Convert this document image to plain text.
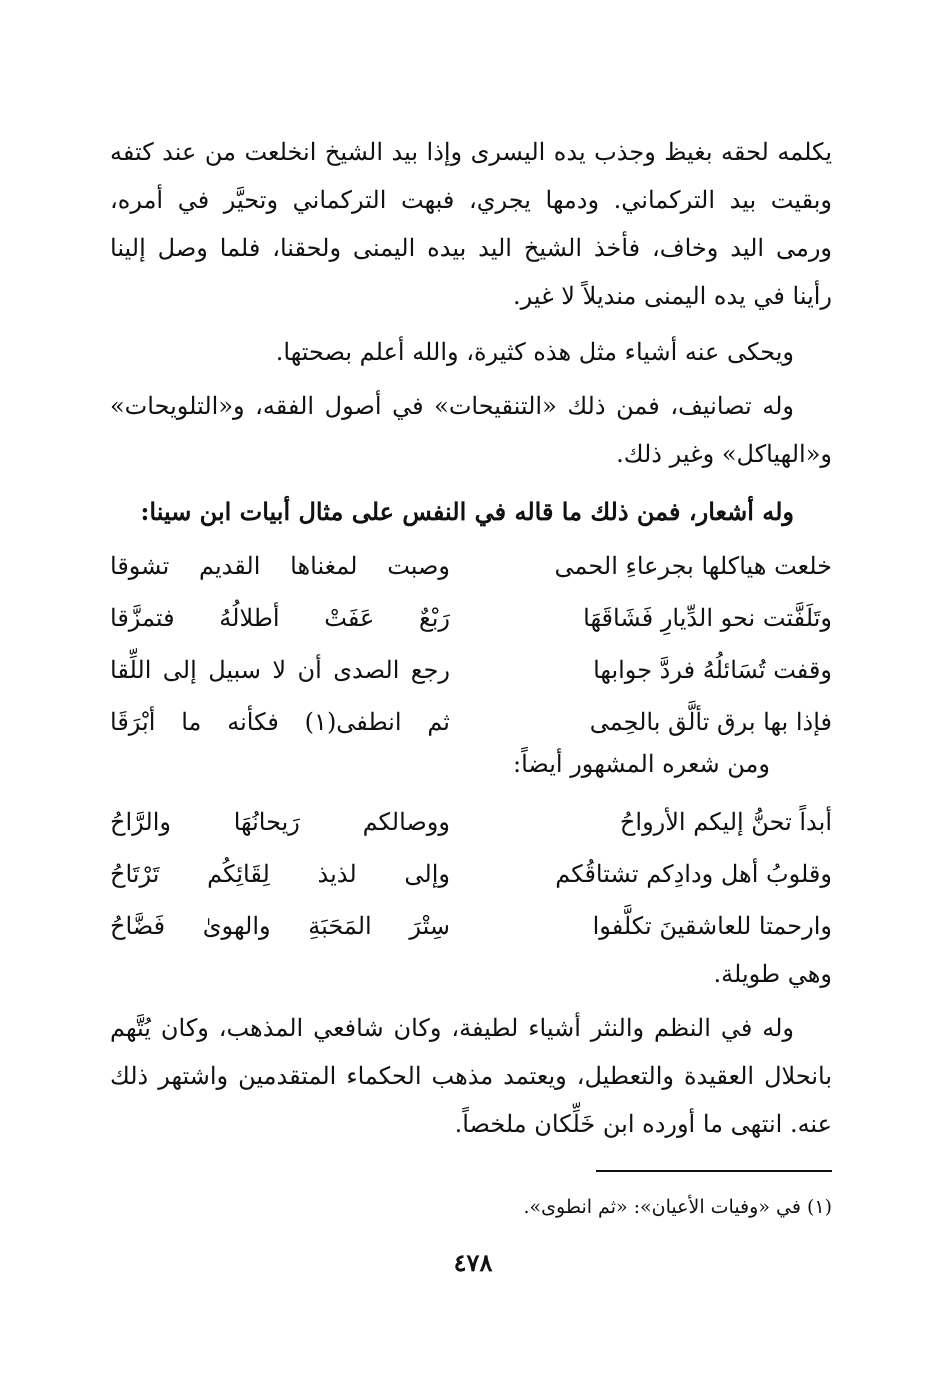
يكلمه لحقه بغيظ وجذب يده اليسرى وإذا بيد الشيخ انخلعت من عند كتفه وبقيت بيد التركماني. ودمها يجري، فبهت التركماني وتحيَّر في أمره، ورمى اليد وخاف، فأخذ الشيخ اليد بيده اليمنى ولحقنا، فلما وصل إلينا رأينا في يده اليمنى منديلاً لا غير.
ويحكى عنه أشياء مثل هذه كثيرة، والله أعلم بصحتها.
وله تصانيف، فمن ذلك «التنقيحات» في أصول الفقه، و«التلويحات» و«الهياكل» وغير ذلك.
وله أشعار، فمن ذلك ما قاله في النفس على مثال أبيات ابن سينا:
خلعت هياكلها بجرعاءِ الحمى
وصبت لمغناها القديم تشوقا
وتَلَفَّتت نحو الدِّيارِ فَشَاقَهَا
رَبْعٌ عَفَتْ أطلالُهُ فتمزَّقا
وقفت تُسَائلُهُ فردَّ جوابها
رجع الصدى أن لا سبيل إلى اللِّقا
فإذا بها برق تألَّق بالحِمى
ثم انطفى(١) فكأنه ما أبْرَقَا
ومن شعره المشهور أيضاً:
أبداً تحنُّ إليكم الأرواحُ
ووصالكم رَيحانُهَا والرَّاحُ
وقلوبُ أهل ودادِكم تشتاقُكم
وإلى لذيذ لِقَائِكُم تَرْتَاحُ
وارحمتا للعاشقينَ تكلَّفوا
سِتْرَ المَحَبَةِ والهوىٰ فَضَّاحُ
وهي طويلة.
وله في النظم والنثر أشياء لطيفة، وكان شافعي المذهب، وكان يُتَّهم بانحلال العقيدة والتعطيل، ويعتمد مذهب الحكماء المتقدمين واشتهر ذلك عنه. انتهى ما أورده ابن خَلِّكان ملخصاً.
(١) في «وفيات الأعيان»: «ثم انطوى».
٤٧٨
